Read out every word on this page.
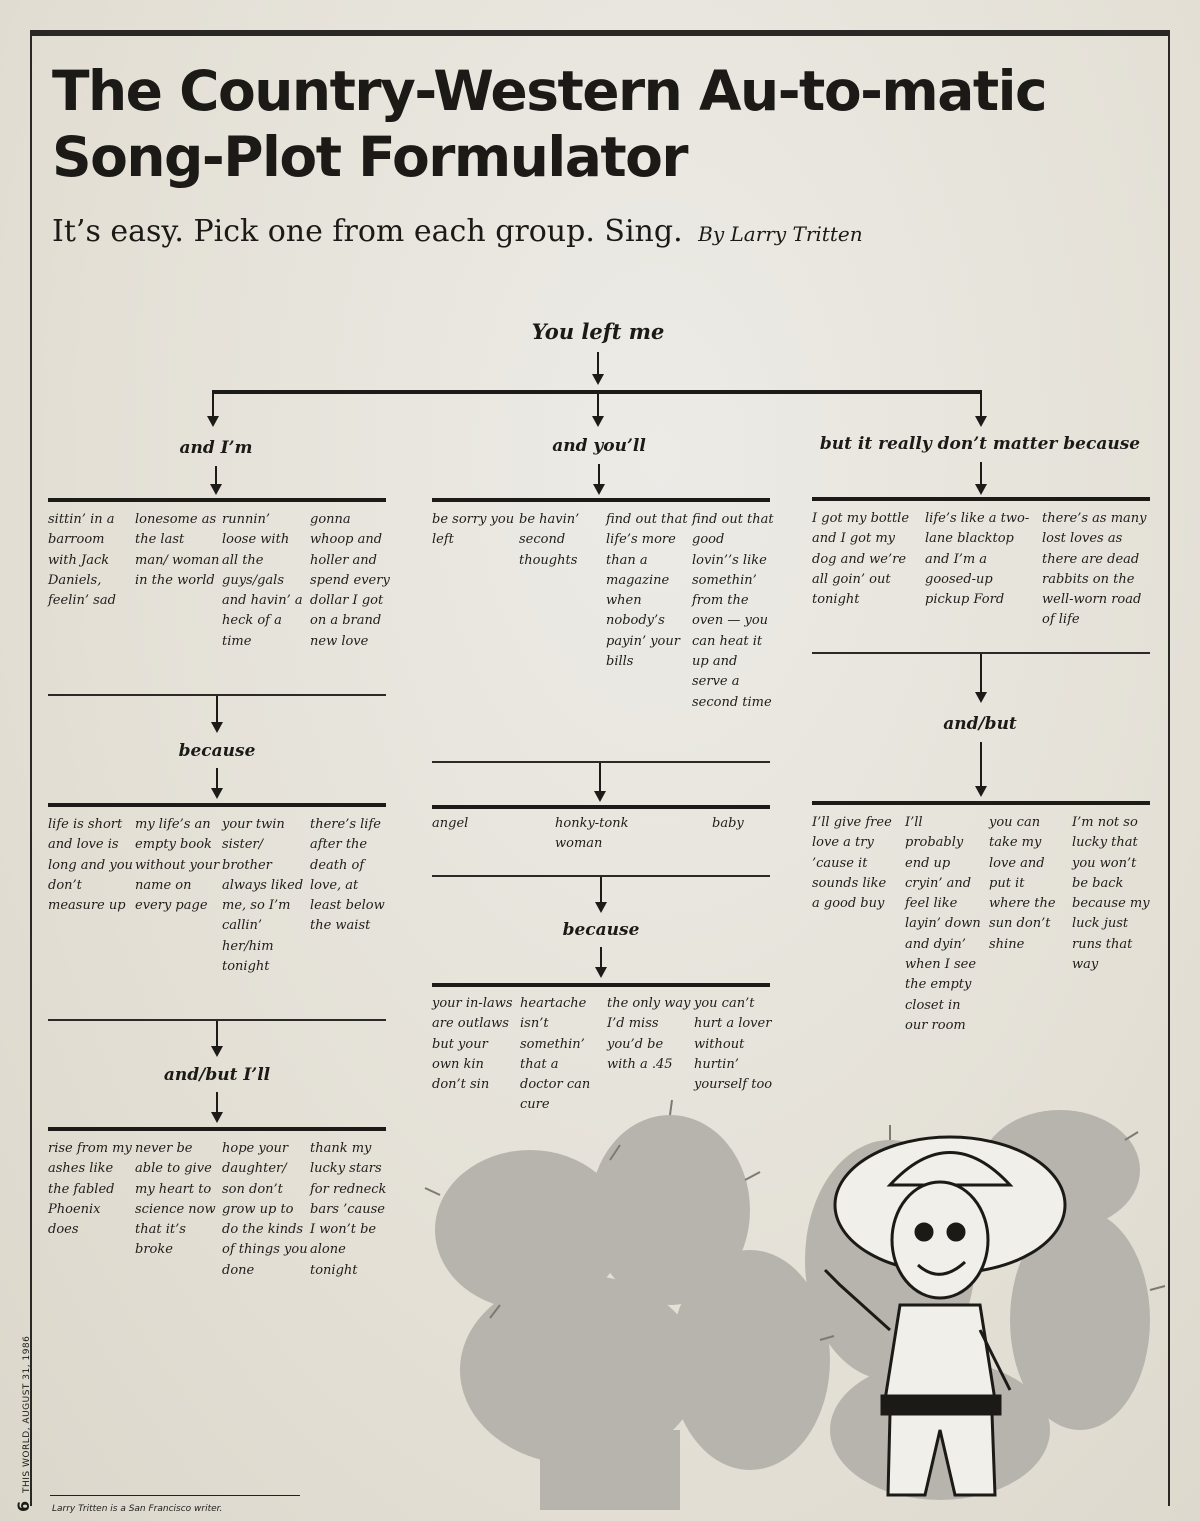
The Country-Western Au-to-matic
Song-Plot Formulator
It’s easy. Pick one from each group. Sing. By Larry Tritten
You left me
and I’m
sittin’ in a barroom with Jack Daniels, feelin’ sad
lonesome as the last man/ woman in the world
runnin’ loose with all the guys/gals and havin’ a heck of a time
gonna whoop and holler and spend every dollar I got on a brand new love
because
life is short and love is long and you don’t measure up
my life’s an empty book without your name on every page
your twin sister/ brother always liked me, so I’m callin’ her/him tonight
there’s life after the death of love, at least below the waist
and/but I’ll
rise from my ashes like the fabled Phoenix does
never be able to give my heart to science now that it’s broke
hope your daughter/ son don’t grow up to do the kinds of things you done
thank my lucky stars for redneck bars ’cause I won’t be alone tonight
and you’ll
be sorry you left
be havin’ second thoughts
find out that life’s more than a magazine when nobody’s payin’ your bills
find out that good lovin’’s like somethin’ from the oven — you can heat it up and serve a second time
angel	honky-tonk woman
baby
because
your in-laws are outlaws but your own kin don’t sin
heartache isn’t somethin’ that a doctor can cure
the only way I’d miss you’d be with a .45
you can’t hurt a lover without hurtin’ yourself too
but it really don’t matter because
I got my bottle and I got my dog and we’re all goin’ out tonight
life’s like a two-lane blacktop and I’m a goosed-up pickup Ford
there’s as many lost loves as there are dead rabbits on the well-worn road of life
and/but
I’ll give free love a try ’cause it sounds like a good buy
I’ll probably end up cryin’ and feel like layin’ down and dyin’ when I see the empty closet in our room
you can take my love and put it where the sun don’t shine
I’m not so lucky that you won’t be back because my luck just runs that way
Larry Tritten is a San Francisco writer.
6 THIS WORLD, AUGUST 31, 1986
